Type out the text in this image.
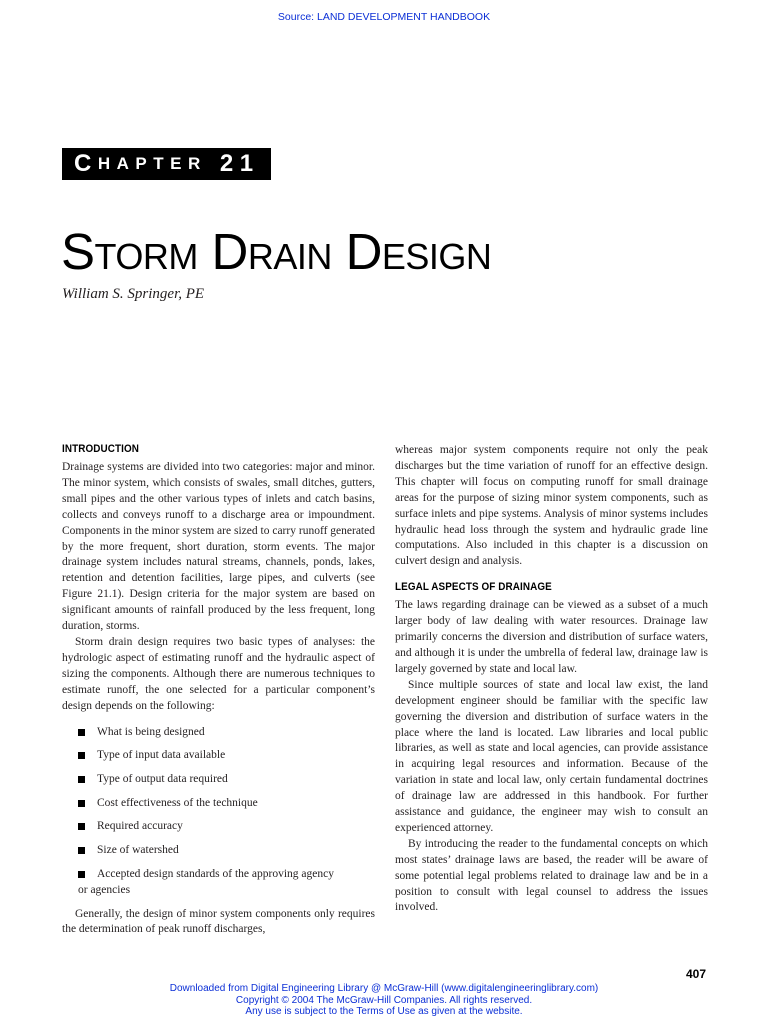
Source: LAND DEVELOPMENT HANDBOOK
C HAPTER
21
STORM DRAIN DESIGN
William S. Springer, PE
INTRODUCTION

Drainage systems are divided into two categories: major and minor. The minor system, which consists of swales, small ditches, gutters, small pipes and the other various types of inlets and catch basins, collects and conveys runoff to a discharge area or impoundment. Components in the minor system are sized to carry runoff generated by the more frequent, short duration, storm events. The major drainage system includes natural streams, channels, ponds, lakes, retention and detention facilities, large pipes, and culverts (see Figure 21.1). Design criteria for the major system are based on significant amounts of rainfall produced by the less frequent, long duration, storms.

Storm drain design requires two basic types of analyses: the hydrologic aspect of estimating runoff and the hydraulic aspect of sizing the components. Although there are numerous techniques to estimate runoff, the one selected for a particular component’s design depends on the following:

What is being designed
Type of input data available
Type of output data required
Cost effectiveness of the technique
Required accuracy
Size of watershed
Accepted design standards of the approving agency
or agencies

Generally, the design of minor system components only requires the determination of peak runoff discharges,

whereas major system components require not only the peak discharges but the time variation of runoff for an effective design. This chapter will focus on computing runoff for small drainage areas for the purpose of sizing minor system components, such as surface inlets and pipe systems. Analysis of minor systems includes hydraulic head loss through the system and hydraulic grade line computations. Also included in this chapter is a discussion on culvert design and analysis.

LEGAL ASPECTS OF DRAINAGE

The laws regarding drainage can be viewed as a subset of a much larger body of law dealing with water resources. Drainage law primarily concerns the diversion and distribution of surface waters, and although it is under the umbrella of federal law, drainage law is largely governed by state and local law.

Since multiple sources of state and local law exist, the land development engineer should be familiar with the specific law governing the diversion and distribution of surface waters in the place where the land is located. Law libraries and local public libraries, as well as state and local agencies, can provide assistance in acquiring legal resources and information. Because of the variation in state and local law, only certain fundamental doctrines of drainage law are addressed in this handbook. For further assistance and guidance, the engineer may wish to consult an experienced attorney.

By introducing the reader to the fundamental concepts on which most states’ drainage laws are based, the reader will be aware of some potential legal problems related to drainage law and be in a position to consult with legal counsel to address the issues involved.

407
Downloaded from Digital Engineering Library @ McGraw-Hill (www.digitalengineeringlibrary.com)
Copyright © 2004 The McGraw-Hill Companies. All rights reserved.
Any use is subject to the Terms of Use as given at the website.
